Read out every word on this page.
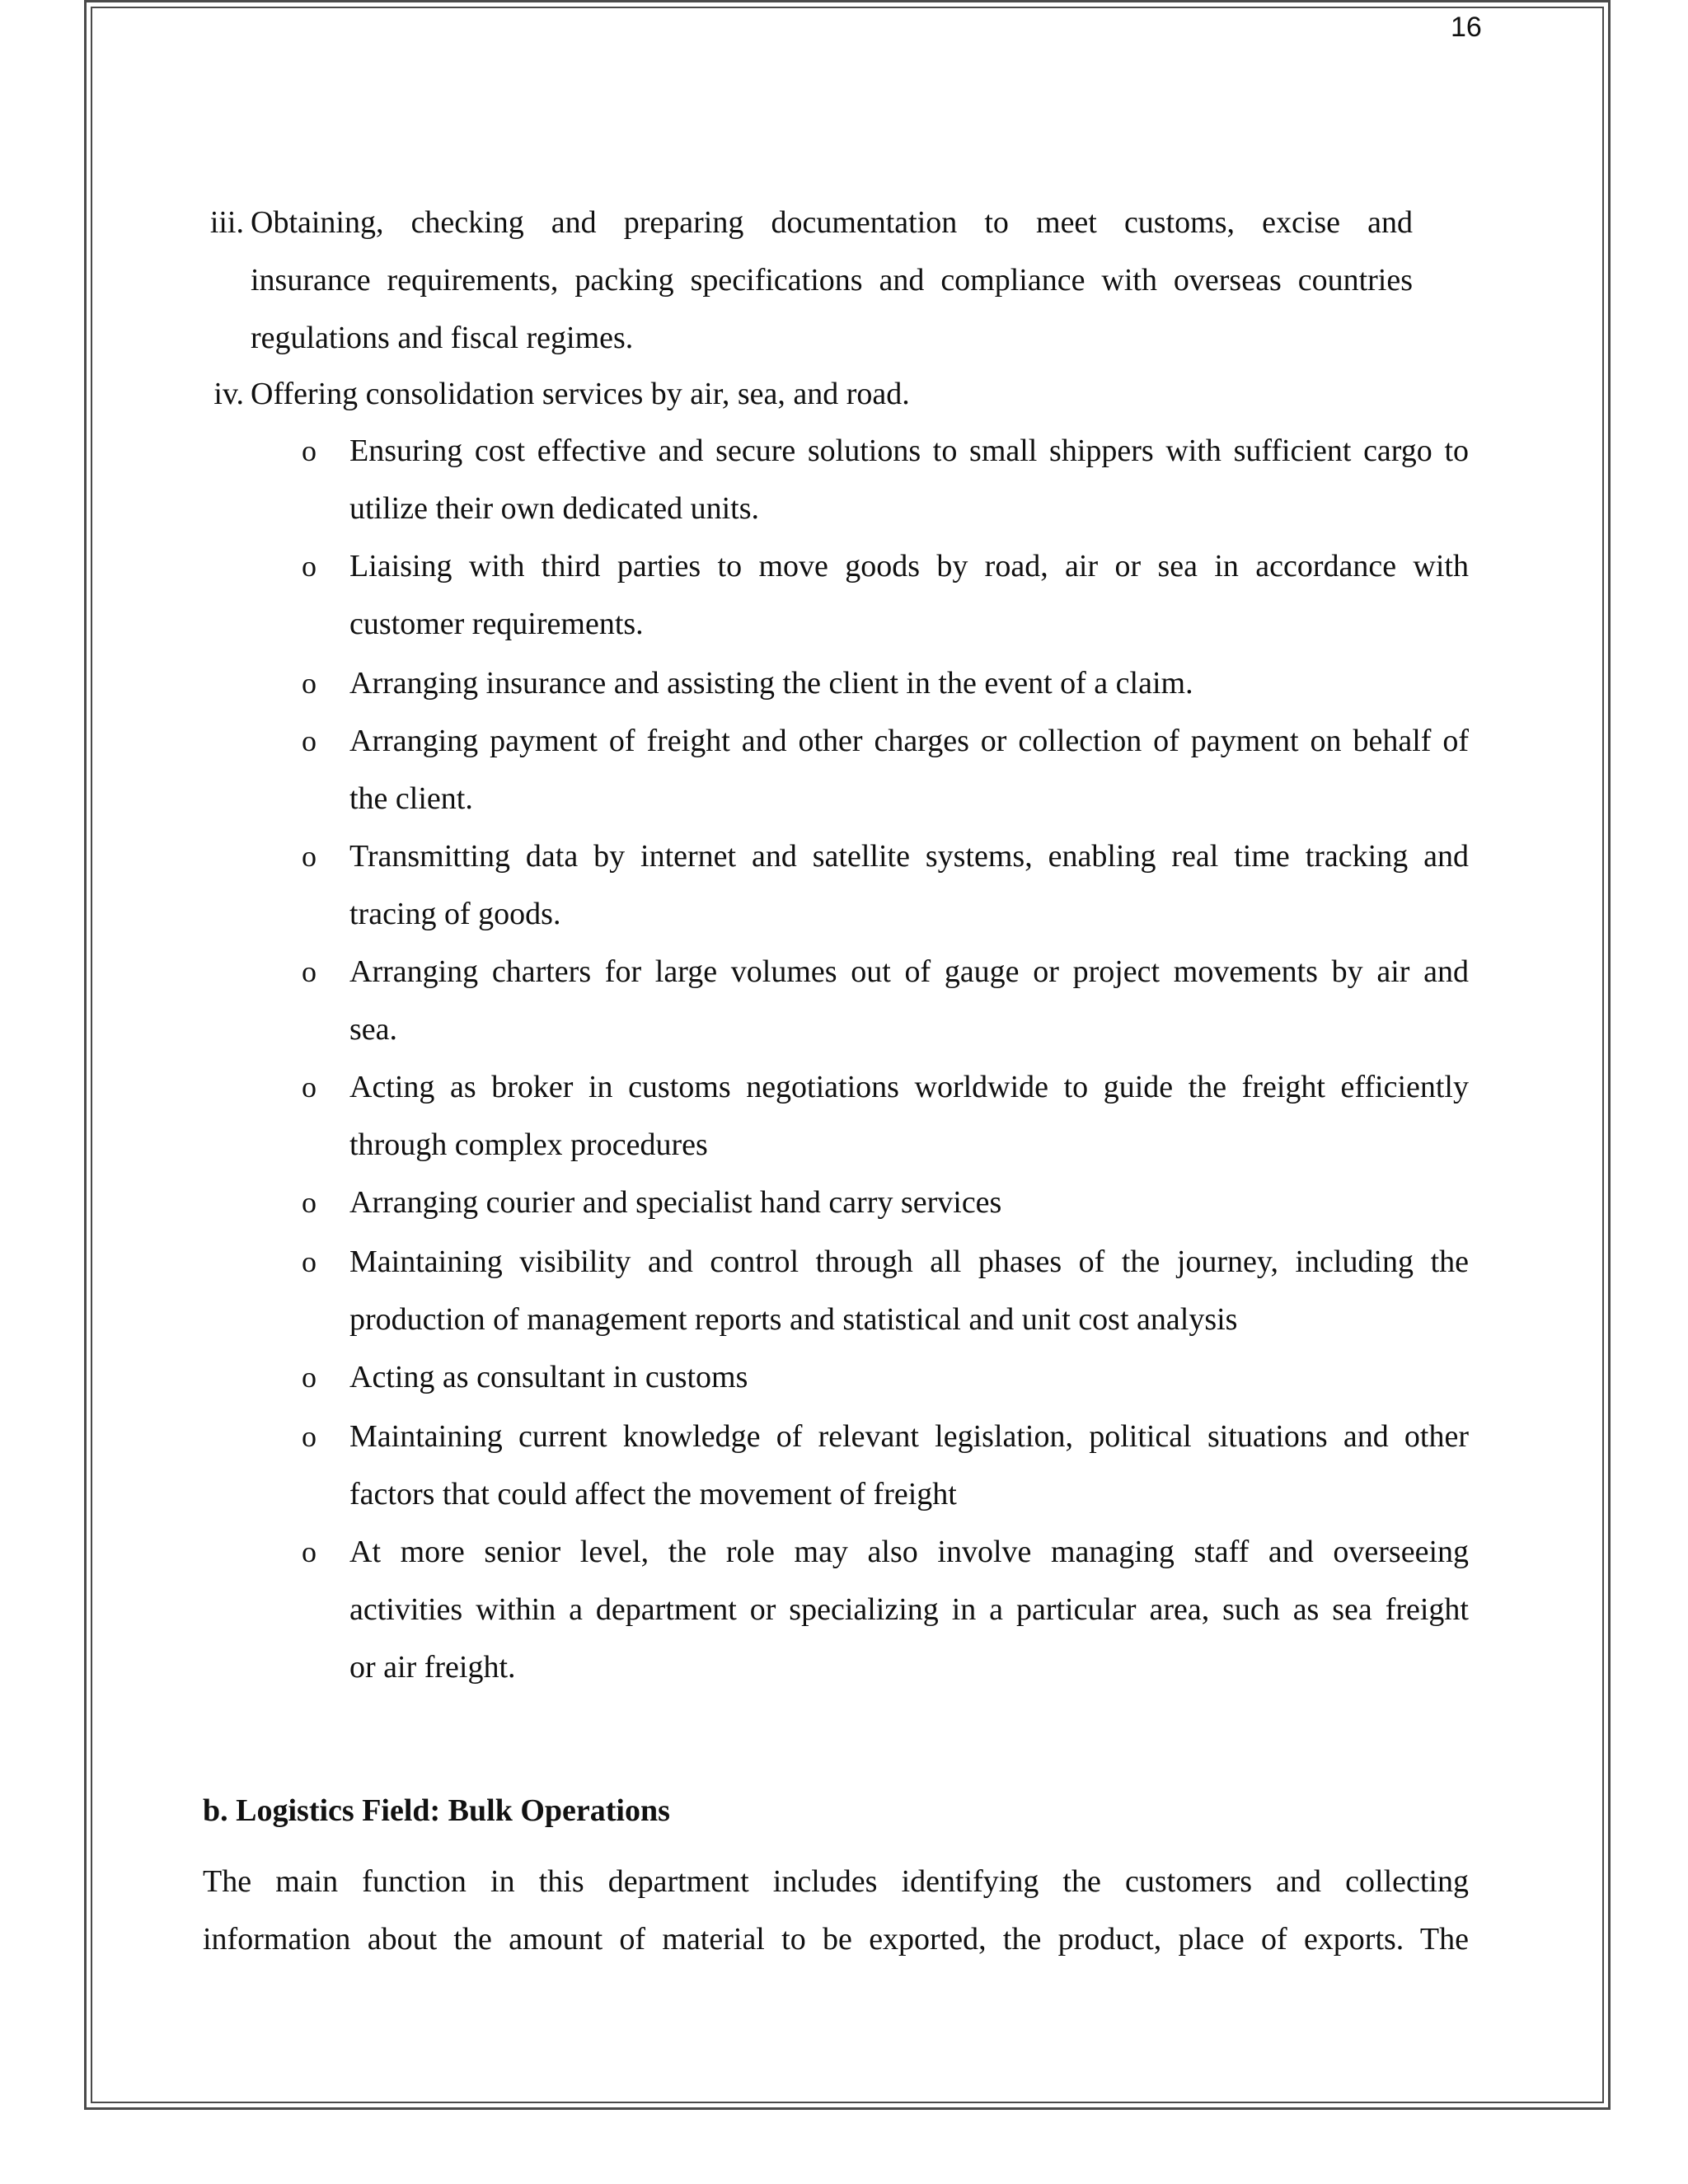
16
iii. Obtaining, checking and preparing documentation to meet customs, excise and
insurance requirements, packing specifications and compliance with overseas countries
regulations and fiscal regimes.
iv. Offering consolidation services by air, sea, and road.
o Ensuring cost effective and secure solutions to small shippers with sufficient cargo to
utilize their own dedicated units.
o Liaising with third parties to move goods by road, air or sea in accordance with
customer requirements.
o Arranging insurance and assisting the client in the event of a claim.
o Arranging payment of freight and other charges or collection of payment on behalf of
the client.
o Transmitting data by internet and satellite systems, enabling real time tracking and
tracing of goods.
o Arranging charters for large volumes out of gauge or project movements by air and
sea.
o Acting as broker in customs negotiations worldwide to guide the freight efficiently
through complex procedures
o Arranging courier and specialist hand carry services
o Maintaining visibility and control through all phases of the journey, including the
production of management reports and statistical and unit cost analysis
o Acting as consultant in customs
o Maintaining current knowledge of relevant legislation, political situations and other
factors that could affect the movement of freight
o At more senior level, the role may also involve managing staff and overseeing
activities within a department or specializing in a particular area, such as sea freight
or air freight.
b. Logistics Field: Bulk Operations
The main function in this department includes identifying the customers and collecting
information about the amount of material to be exported, the product, place of exports. The
